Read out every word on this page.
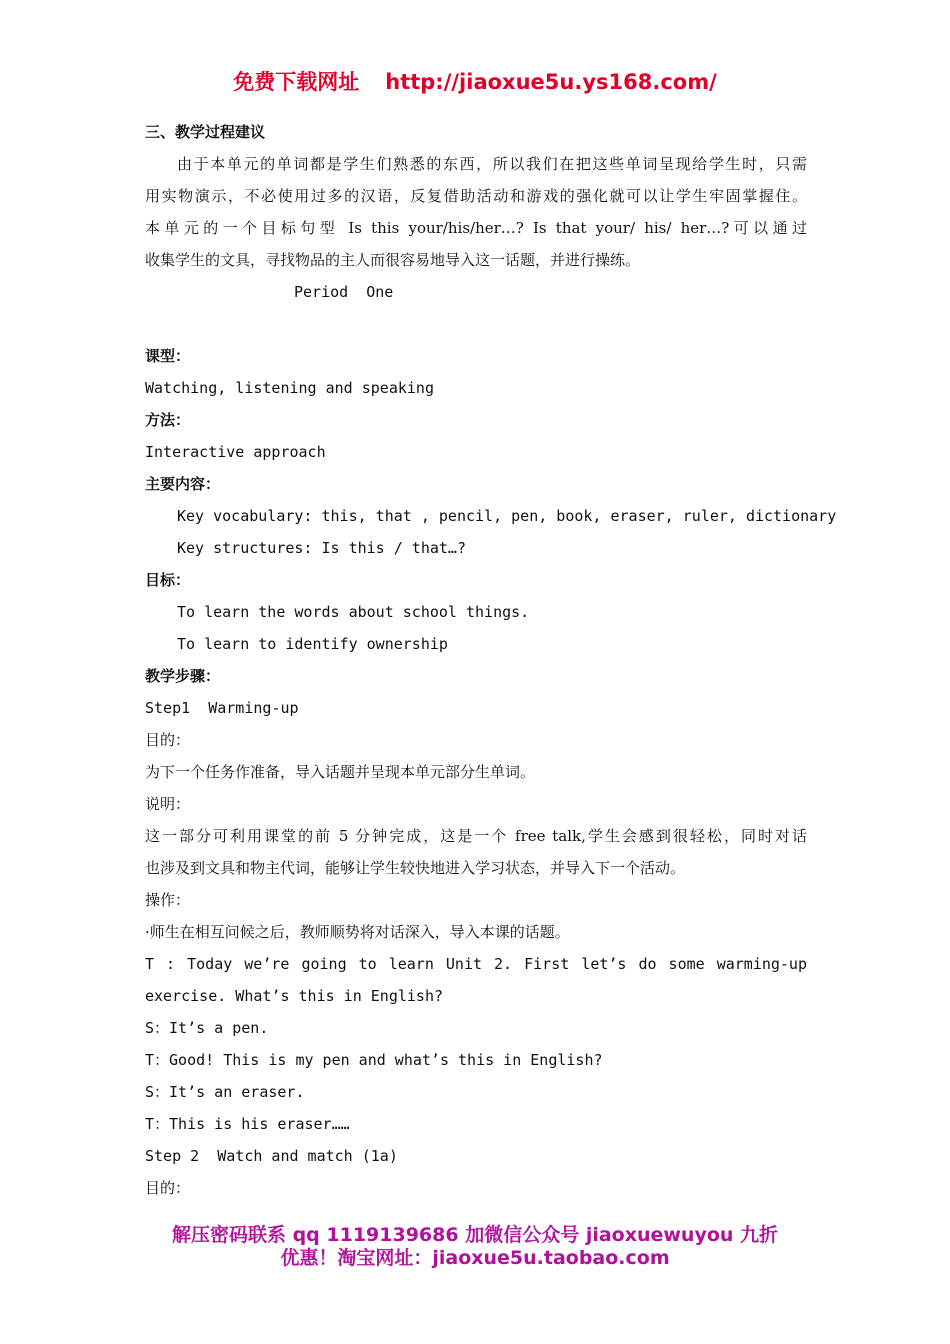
免费下载网址 http://jiaoxue5u.ys168.com/
三、教学过程建议
由于本单元的单词都是学生们熟悉的东西，所以我们在把这些单词呈现给学生时，只需
用实物演示，不必使用过多的汉语，反复借助活动和游戏的强化就可以让学生牢固掌握住。
本单元的一个目标句型 Is this your/his/her…? Is that your/ his/ her…?可以通过
收集学生的文具，寻找物品的主人而很容易地导入这一话题，并进行操练。
Period  One
课型：
Watching, listening and speaking
方法：
Interactive approach
主要内容：
Key vocabulary: this, that , pencil, pen, book, eraser, ruler, dictionary
Key structures: Is this / that…?
目标：
To learn the words about school things.
To learn to identify ownership
教学步骤：
Step1  Warming-up
目的：
为下一个任务作准备，导入话题并呈现本单元部分生单词。
说明：
这一部分可利用课堂的前 5 分钟完成，这是一个 free talk,学生会感到很轻松，同时对话
也涉及到文具和物主代词，能够让学生较快地进入学习状态，并导入下一个活动。
操作：
·师生在相互问候之后，教师顺势将对话深入，导入本课的话题。
T : Today we’re going to learn Unit 2. First let’s do some warming-up
exercise. What’s this in English?
S：It’s a pen.
T：Good! This is my pen and what’s this in English?
S：It’s an eraser.
T：This is his eraser……
Step 2  Watch and match (1a)
目的：
解压密码联系 qq 1119139686 加微信公众号 jiaoxuewuyou 九折
优惠！淘宝网址：jiaoxue5u.taobao.com
